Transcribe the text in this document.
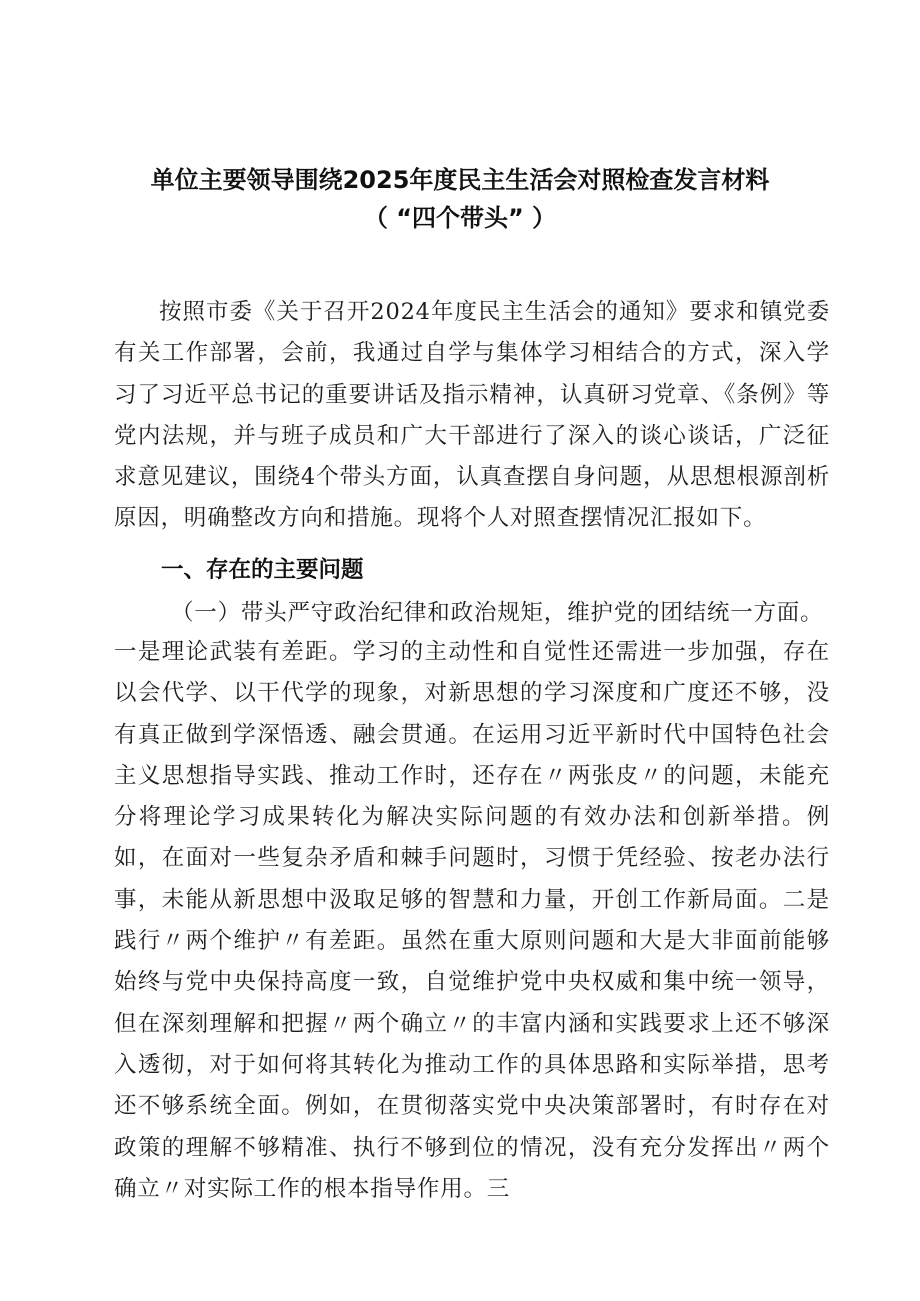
单位主要领导围绕2025年度民主生活会对照检查发言材料
（ “四个带头” ）

按照市委《关于召开2024年度民主生活会的通知》要求和镇党委有关工作部署，会前，我通过自学与集体学习相结合的方式，深入学习了习近平总书记的重要讲话及指示精神，认真研习党章、《条例》等党内法规，并与班子成员和广大干部进行了深入的谈心谈话，广泛征求意见建议，围绕4个带头方面，认真查摆自身问题，从思想根源剖析原因，明确整改方向和措施。现将个人对照查摆情况汇报如下。

一、存在的主要问题

（一）带头严守政治纪律和政治规矩，维护党的团结统一方面。

一是理论武装有差距。学习的主动性和自觉性还需进一步加强，存在以会代学、以干代学的现象，对新思想的学习深度和广度还不够，没有真正做到学深悟透、融会贯通。在运用习近平新时代中国特色社会主义思想指导实践、推动工作时，还存在〃两张皮〃的问题，未能充分将理论学习成果转化为解决实际问题的有效办法和创新举措。例如，在面对一些复杂矛盾和棘手问题时，习惯于凭经验、按老办法行事，未能从新思想中汲取足够的智慧和力量，开创工作新局面。二是践行〃两个维护〃有差距。虽然在重大原则问题和大是大非面前能够始终与党中央保持高度一致，自觉维护党中央权威和集中统一领导，但在深刻理解和把握〃两个确立〃的丰富内涵和实践要求上还不够深入透彻，对于如何将其转化为推动工作的具体思路和实际举措，思考还不够系统全面。例如，在贯彻落实党中央决策部署时，有时存在对政策的理解不够精准、执行不够到位的情况，没有充分发挥出〃两个确立〃对实际工作的根本指导作用。三
